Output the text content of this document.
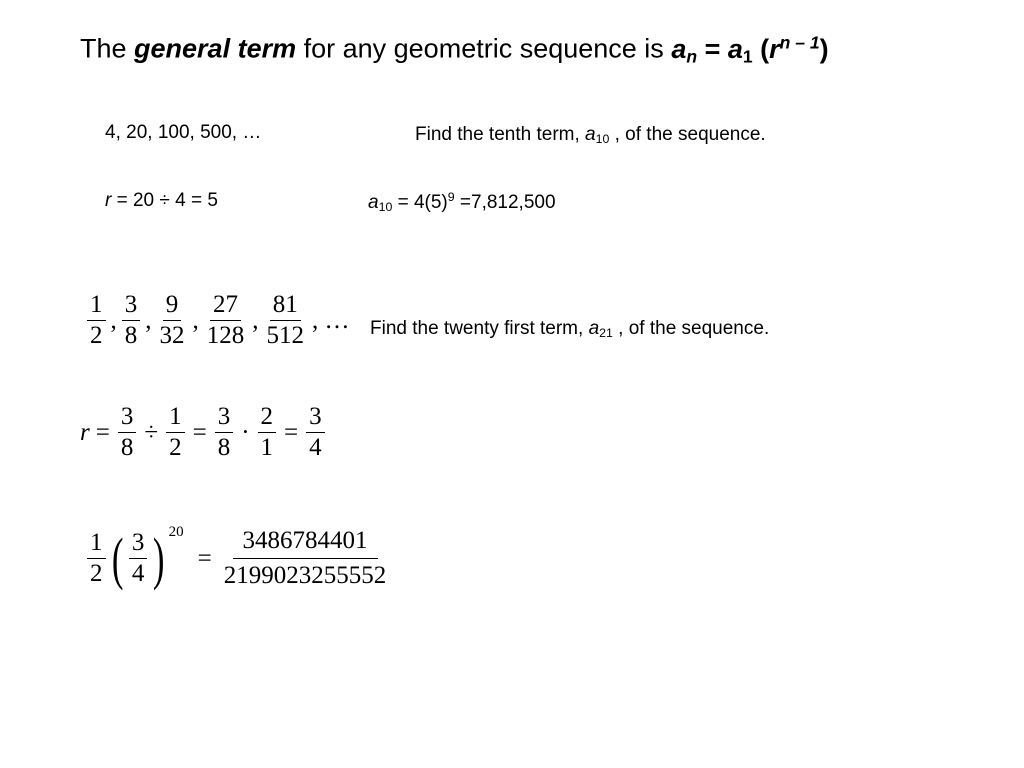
The general term for any geometric sequence is $a_n = a_1$ $(r^{n - 1})$
4, 20, 100, 500, …	Find the tenth term, $a_{10}$ , of the sequence.
r = 20 ÷ 4 = 5	$a_{10} = 4(5)^9 =7,812,500$
$\frac{1}{2}$ , $\frac{3}{8}$ , $\frac{9}{32}$ , $\frac{27}{128}$ , $\frac{81}{512}$ , … Find the twenty first term, $a_{21}$ , of the sequence.
$r = \frac{3}{8} \div \frac{1}{2} = \frac{3}{8} \cdot \frac{2}{1} = \frac{3}{4}$
$\frac{1}{2}$ ( $\frac{3}{4}$ ) 20
= $\frac{3486784401}{2199023255552}$
